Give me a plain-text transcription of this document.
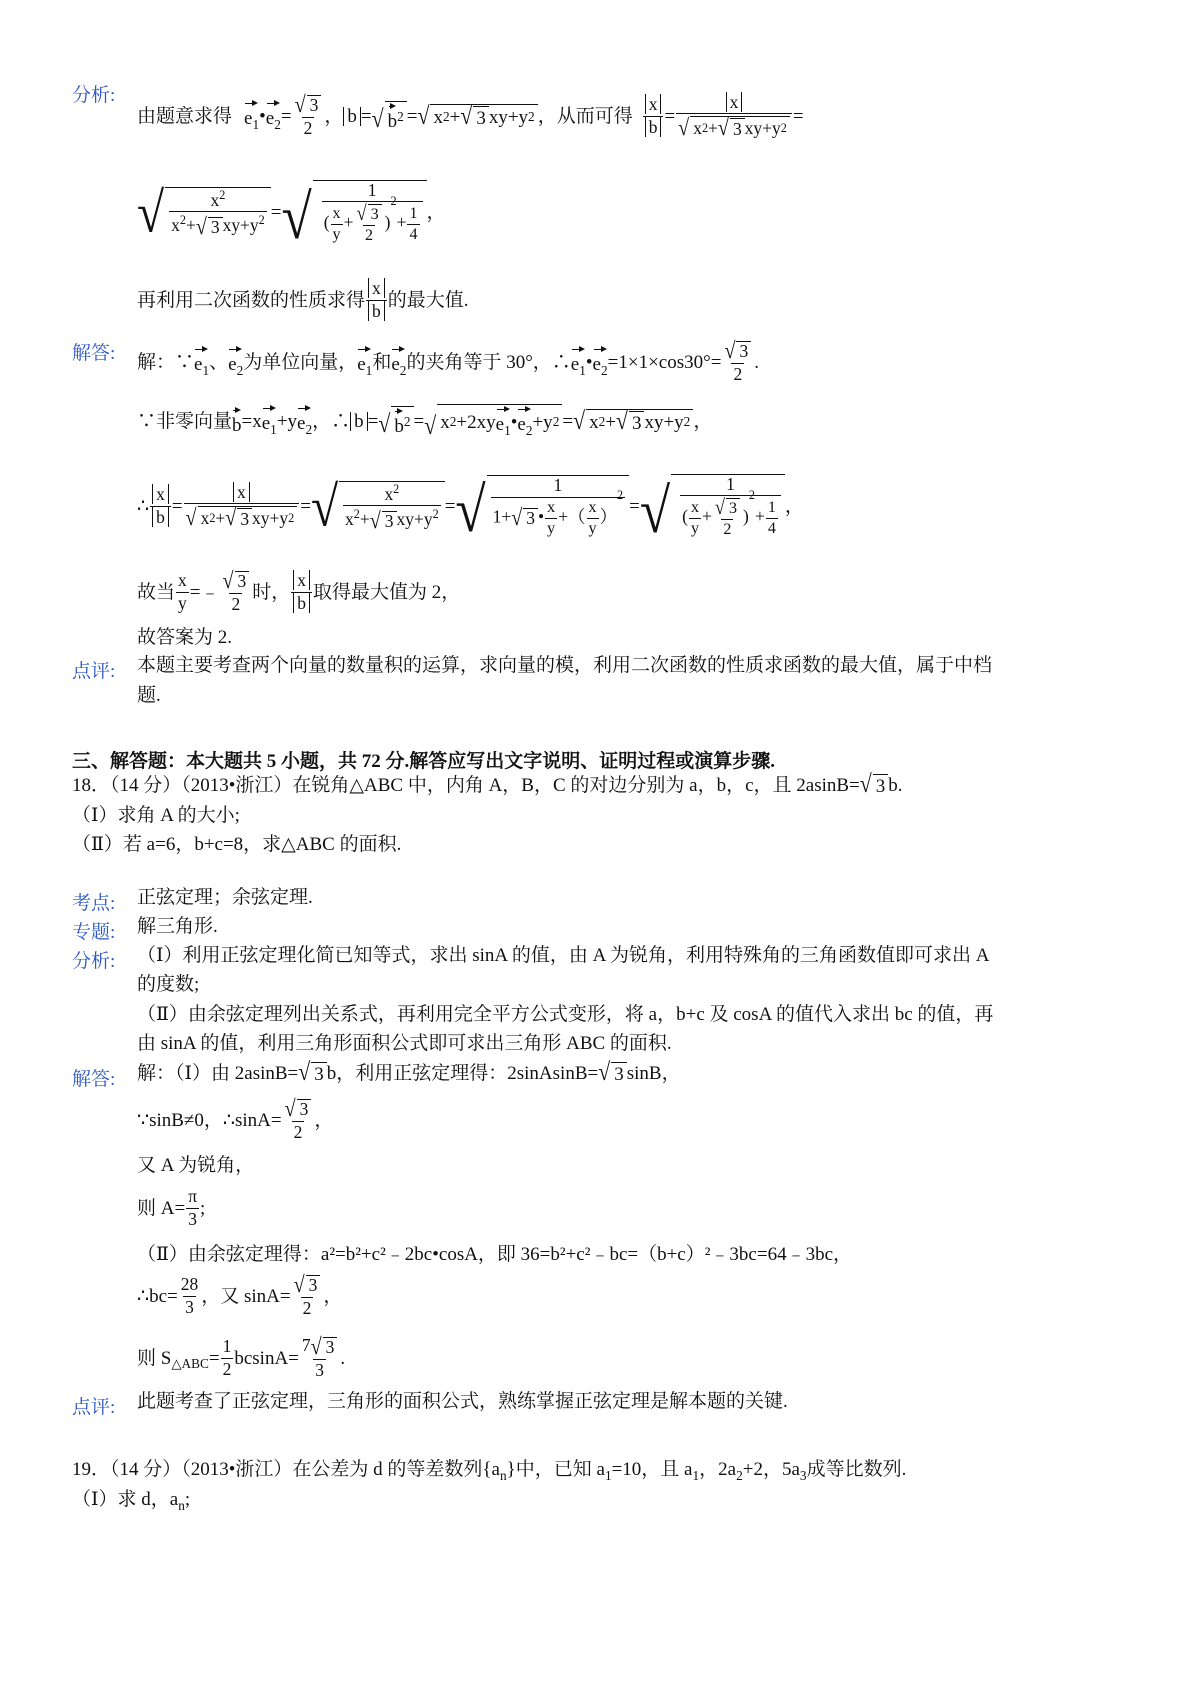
分析:
由题意求得 $e_1$ • $e_2 = \frac{√ 3}{2}$ ， b = √ b 2 = √ x 2 + √ 3 xy+y 2 ，从而可得 $\frac{x}{b} = \frac{x}{√ x 2 + √ 3 xy+y 2}$ =
√ $\frac{x^2}{x^2+ √ 3 xy+y^2}$ = √ $\frac{1}{( \frac{x}{y} + \frac{√ 3}{2} )^2+ \frac{1}{4}}$ ，
再利用二次函数的性质求得 $\frac{x}{b}$ 的最大值.
解答: 解：∵ $e_1$ 、 $e_2$ 为单位向量， $e_1$ 和 $e_2$ 的夹角等于 30°，∴ $e_1$ • $e_2 =1\times 1\times\cos 30^\circ= \frac{√ 3}{2}$ .
∵非零向量 b =x $e_1 +y$ $e_2$ ，∴ b = √ b 2 = √ x 2 +2xy $e_1$ • $e_2 +y$ 2 = √ x 2 + √ 3 xy+y 2 ，
∴ $\frac{x}{b} = \frac{x}{√ x 2 + √ 3 xy+y 2}$ = √ $\frac{x^2}{x^2+ √ 3 xy+y^2}$ = √ $\frac{1}{1+ √ 3 • \frac{x}{y} +( \frac{x}{y} )^2}$ = √ $\frac{1}{( \frac{x}{y} + \frac{√ 3}{2} )^2+ \frac{1}{4}}$ ，
故当 $\frac{x}{y}$ =﹣ $\frac{√ 3}{2}$ 时， $\frac{x}{b}$ 取得最大值为 2，
故答案为 2.
点评: 本题主要考查两个向量的数量积的运算，求向量的模，利用二次函数的性质求函数的最大值，属于中档
题.
三、解答题：本大题共 5 小题，共 72 分.解答应写出文字说明、证明过程或演算步骤.
18．（14 分）（2013•浙江）在锐角△ABC 中，内角 A，B，C 的对边分别为 a，b，c，且 2asinB= √ 3 b.
（Ⅰ）求角 A 的大小;
（Ⅱ）若 a=6，b+c=8，求△ABC 的面积.
考点: 正弦定理；余弦定理.
专题: 解三角形.
分析: （Ⅰ）利用正弦定理化简已知等式，求出 sinA 的值，由 A 为锐角，利用特殊角的三角函数值即可求出 A
的度数;
（Ⅱ）由余弦定理列出关系式，再利用完全平方公式变形，将 a，b+c 及 cosA 的值代入求出 bc 的值，再
由 sinA 的值，利用三角形面积公式即可求出三角形 ABC 的面积.
解答: 解：（Ⅰ）由 2asinB= √ 3 b，利用正弦定理得：2sinAsinB= √ 3 sinB，
∵sinB≠0，∴sinA= $\frac{√ 3}{2}$ ，
又 A 为锐角，
则 $A= \frac{\pi}{3}$ ;
（Ⅱ）由余弦定理得：a²=b²+c²﹣2bc•cosA，即 36=b²+c²﹣bc=（b+c）²﹣3bc=64﹣3bc，
∴bc= $\frac{28}{3}$ ，又 $\sin A= \frac{√ 3}{2}$ ，
则 $S_{\triangle ABC} = \frac{1}{2} bcsinA= \frac{7 √ 3}{3}$ .
点评: 此题考查了正弦定理，三角形的面积公式，熟练掌握正弦定理是解本题的关键.
19．（14 分）（2013•浙江）在公差为 d 的等差数列$\{a_n\}$中，已知 $a_1=10$，且 $a_1$，$2a_2+2$，$5a_3$成等比数列.
（Ⅰ）求 d，$a_n$;
